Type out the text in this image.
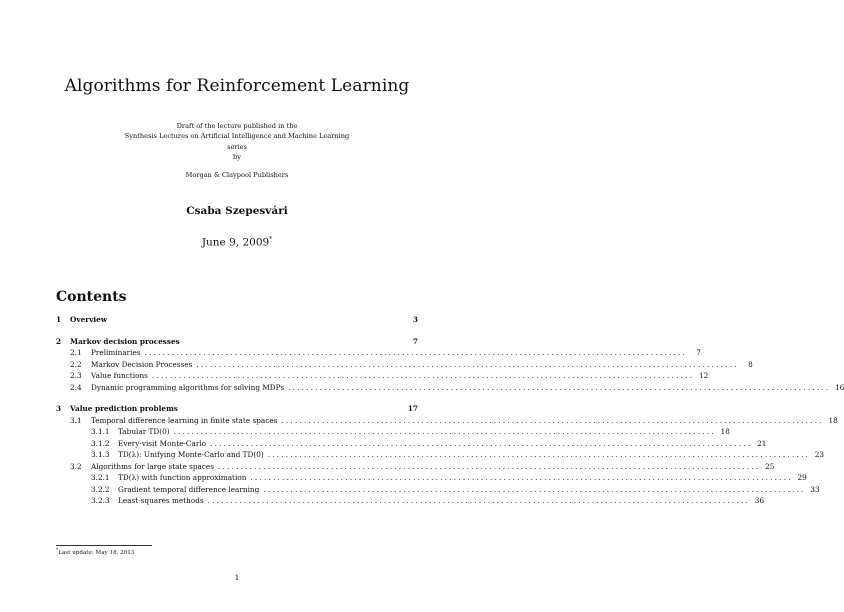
Algorithms for Reinforcement Learning
Draft of the lecture published in the
Synthesis Lectures on Artificial Intelligence and Machine Learning
series
by
Morgan & Claypool Publishers
Csaba Szepesvári
June 9, 2009*
Contents
1	Overview	3
2	Markov decision processes	7
2.1	Preliminaries ........................................................................................................................	7
2.2	Markov Decision Processes ........................................................................................................................	8
2.3	Value functions ........................................................................................................................ 12
2.4	Dynamic programming algorithms for solving MDPs ........................................................................................................................ 16
3	Value prediction problems	17
3.1	Temporal difference learning in finite state spaces ........................................................................................................................ 18
3.1.1	Tabular TD(0) ........................................................................................................................ 18
3.1.2	Every-visit Monte-Carlo ........................................................................................................................ 21
3.1.3	TD(λ): Unifying Monte-Carlo and TD(0) ........................................................................................................................ 23
3.2	Algorithms for large state spaces ........................................................................................................................ 25
3.2.1	TD(λ) with function approximation ........................................................................................................................ 29
3.2.2	Gradient temporal difference learning ........................................................................................................................ 33
3.2.3	Least-squares methods ........................................................................................................................ 36
*Last update: May 18, 2013
1
